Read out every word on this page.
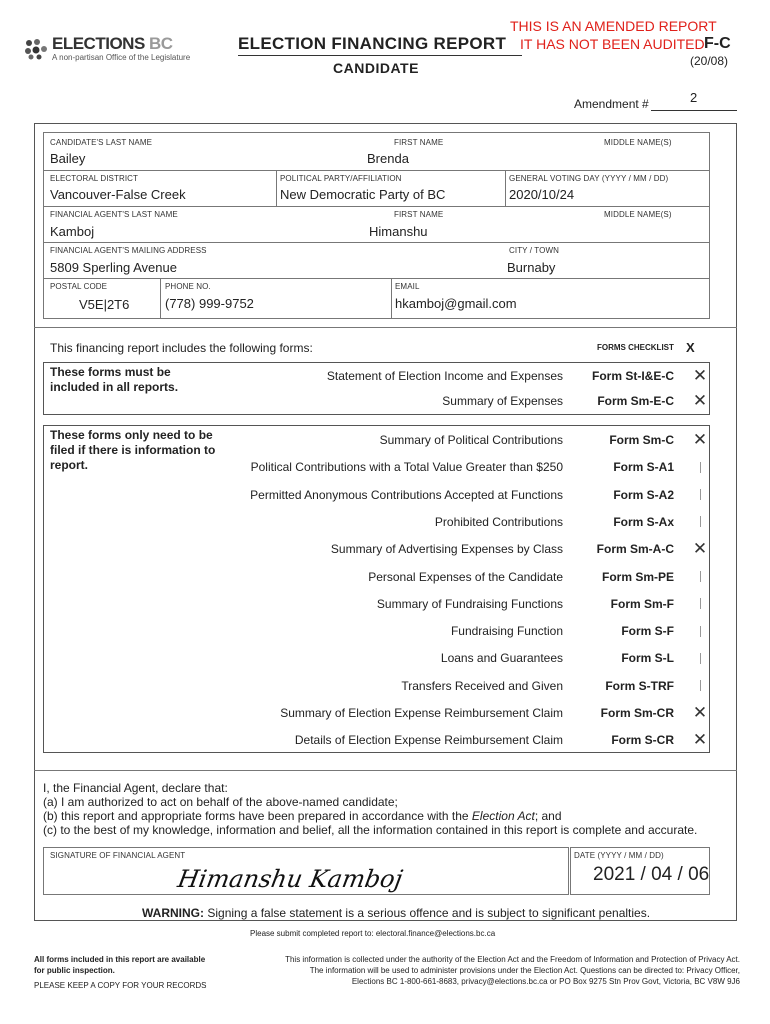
ELECTIONS BC
A non-partisan Office of the Legislature
THIS IS AN AMENDED REPORT
ELECTION FINANCING REPORT IT HAS NOT BEEN AUDITED F-C
(20/08)
CANDIDATE
Amendment #	2
CANDIDATE'S LAST NAME
Bailey
FIRST NAME
Brenda
MIDDLE NAME(S)
ELECTORAL DISTRICT
Vancouver-False Creek
POLITICAL PARTY/AFFILIATION
New Democratic Party of BC
GENERAL VOTING DAY (YYYY / MM / DD)
2020/10/24
FINANCIAL AGENT'S LAST NAME
Kamboj
FIRST NAME
Himanshu
MIDDLE NAME(S)
FINANCIAL AGENT'S MAILING ADDRESS
5809 Sperling Avenue
CITY / TOWN
Burnaby
POSTAL CODE
V5E|2T6
PHONE NO.
(778) 999-9752
EMAIL
hkamboj@gmail.com
This financing report includes the following forms:	FORMS CHECKLIST X
These forms must be included in all reports.
These forms only need to be filed if there is information to report.
Statement of Election Income and Expenses Form St-I&E-C ✕
Summary of Expenses	Form Sm-E-C ✕
Summary of Political Contributions	Form Sm-C ✕
Political Contributions with a Total Value Greater than $250	Form S-A1
Permitted Anonymous Contributions Accepted at Functions	Form S-A2
Prohibited Contributions	Form S-Ax
Summary of Advertising Expenses by Class	Form Sm-A-C ✕
Personal Expenses of the Candidate	Form Sm-PE
Summary of Fundraising Functions	Form Sm-F
Fundraising Function	Form S-F
Loans and Guarantees	Form S-L
Transfers Received and Given	Form S-TRF
Summary of Election Expense Reimbursement Claim	Form Sm-CR ✕
Details of Election Expense Reimbursement Claim	Form S-CR ✕
I, the Financial Agent, declare that:
(a) I am authorized to act on behalf of the above-named candidate;
(b) this report and appropriate forms have been prepared in accordance with the Election Act; and
(c) to the best of my knowledge, information and belief, all the information contained in this report is complete and accurate.
SIGNATURE OF FINANCIAL AGENT
Himanshu Kamboj
DATE (YYYY / MM / DD)
2021 / 04 / 06
WARNING: Signing a false statement is a serious offence and is subject to significant penalties.
Please submit completed report to: electoral.finance@elections.bc.ca
All forms included in this report are available
for public inspection.
PLEASE KEEP A COPY FOR YOUR RECORDS
This information is collected under the authority of the Election Act and the Freedom of Information and Protection of Privacy Act.
The information will be used to administer provisions under the Election Act. Questions can be directed to: Privacy Officer,
Elections BC 1-800-661-8683, privacy@elections.bc.ca or PO Box 9275 Stn Prov Govt, Victoria, BC V8W 9J6
